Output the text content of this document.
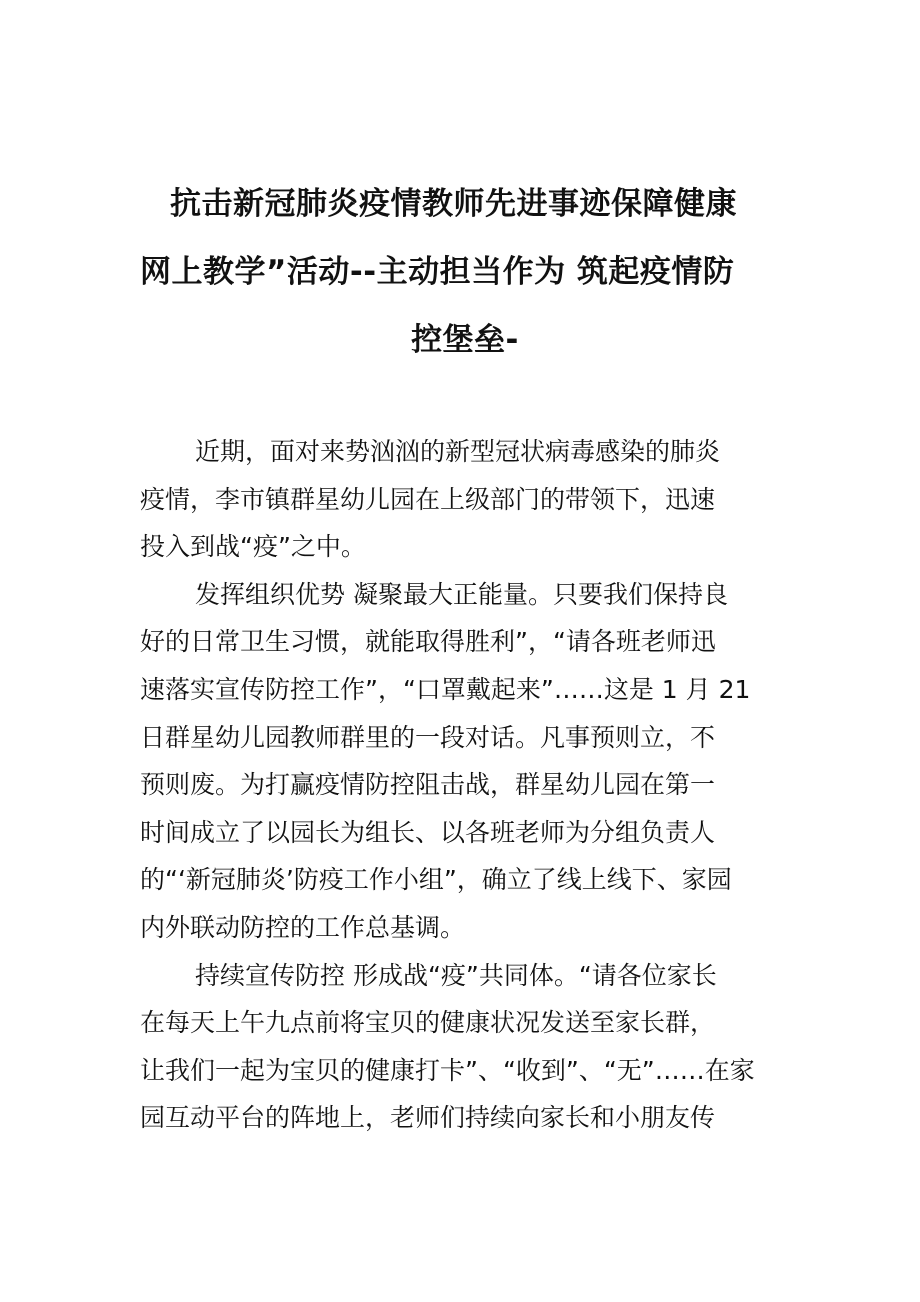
抗击新冠肺炎疫情教师先进事迹保障健康
网上教学”活动--主动担当作为 筑起疫情防
控堡垒-
近期，面对来势汹汹的新型冠状病毒感染的肺炎
疫情，李市镇群星幼儿园在上级部门的带领下，迅速
投入到战“疫”之中。
发挥组织优势 凝聚最大正能量。只要我们保持良
好的日常卫生习惯，就能取得胜利”，“请各班老师迅
速落实宣传防控工作”，“口罩戴起来”……这是 1 月 21
日群星幼儿园教师群里的一段对话。凡事预则立，不
预则废。为打赢疫情防控阻击战，群星幼儿园在第一
时间成立了以园长为组长、以各班老师为分组负责人
的“‘新冠肺炎’防疫工作小组”，确立了线上线下、家园
内外联动防控的工作总基调。
持续宣传防控 形成战“疫”共同体。“请各位家长
在每天上午九点前将宝贝的健康状况发送至家长群，
让我们一起为宝贝的健康打卡”、“收到”、“无”……在家
园互动平台的阵地上，老师们持续向家长和小朋友传
